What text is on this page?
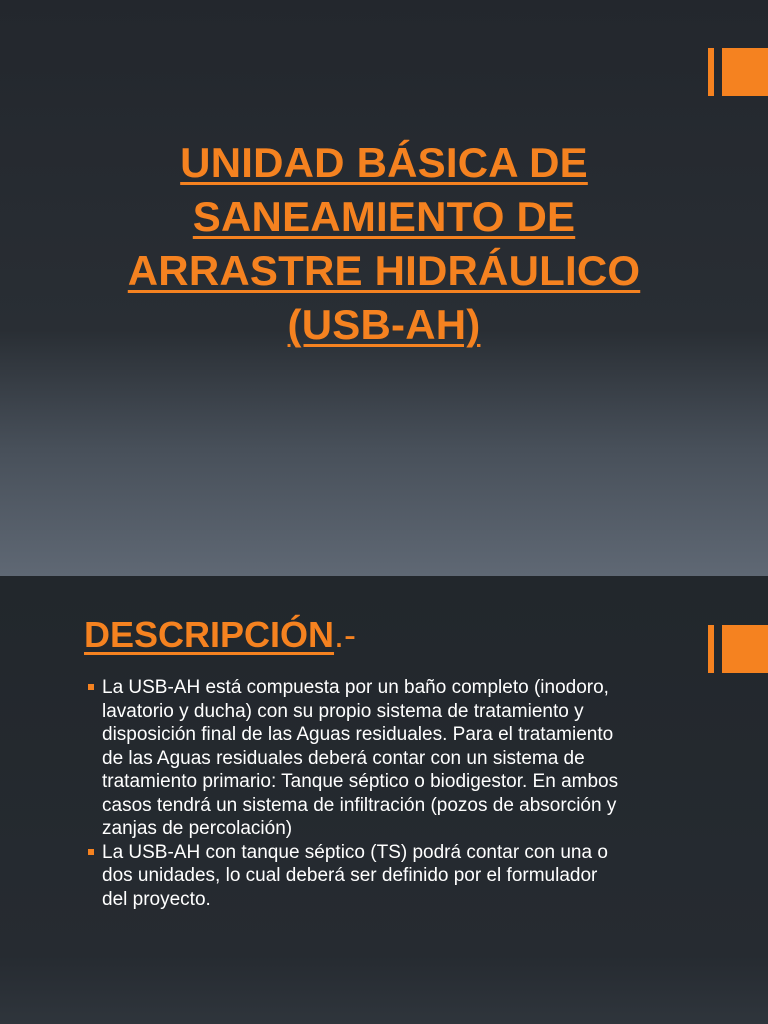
UNIDAD BÁSICA DE
SANEAMIENTO DE
ARRASTRE HIDRÁULICO
(USB-AH)
DESCRIPCIÓN.-
La USB-AH está compuesta por un baño completo (inodoro,
lavatorio y ducha) con su propio sistema de tratamiento y
disposición final de las Aguas residuales. Para el tratamiento
de las Aguas residuales deberá contar con un sistema de
tratamiento primario: Tanque séptico o biodigestor. En ambos
casos tendrá un sistema de infiltración (pozos de absorción y
zanjas de percolación)
La USB-AH con tanque séptico (TS) podrá contar con una o
dos unidades, lo cual deberá ser definido por el formulador
del proyecto.
